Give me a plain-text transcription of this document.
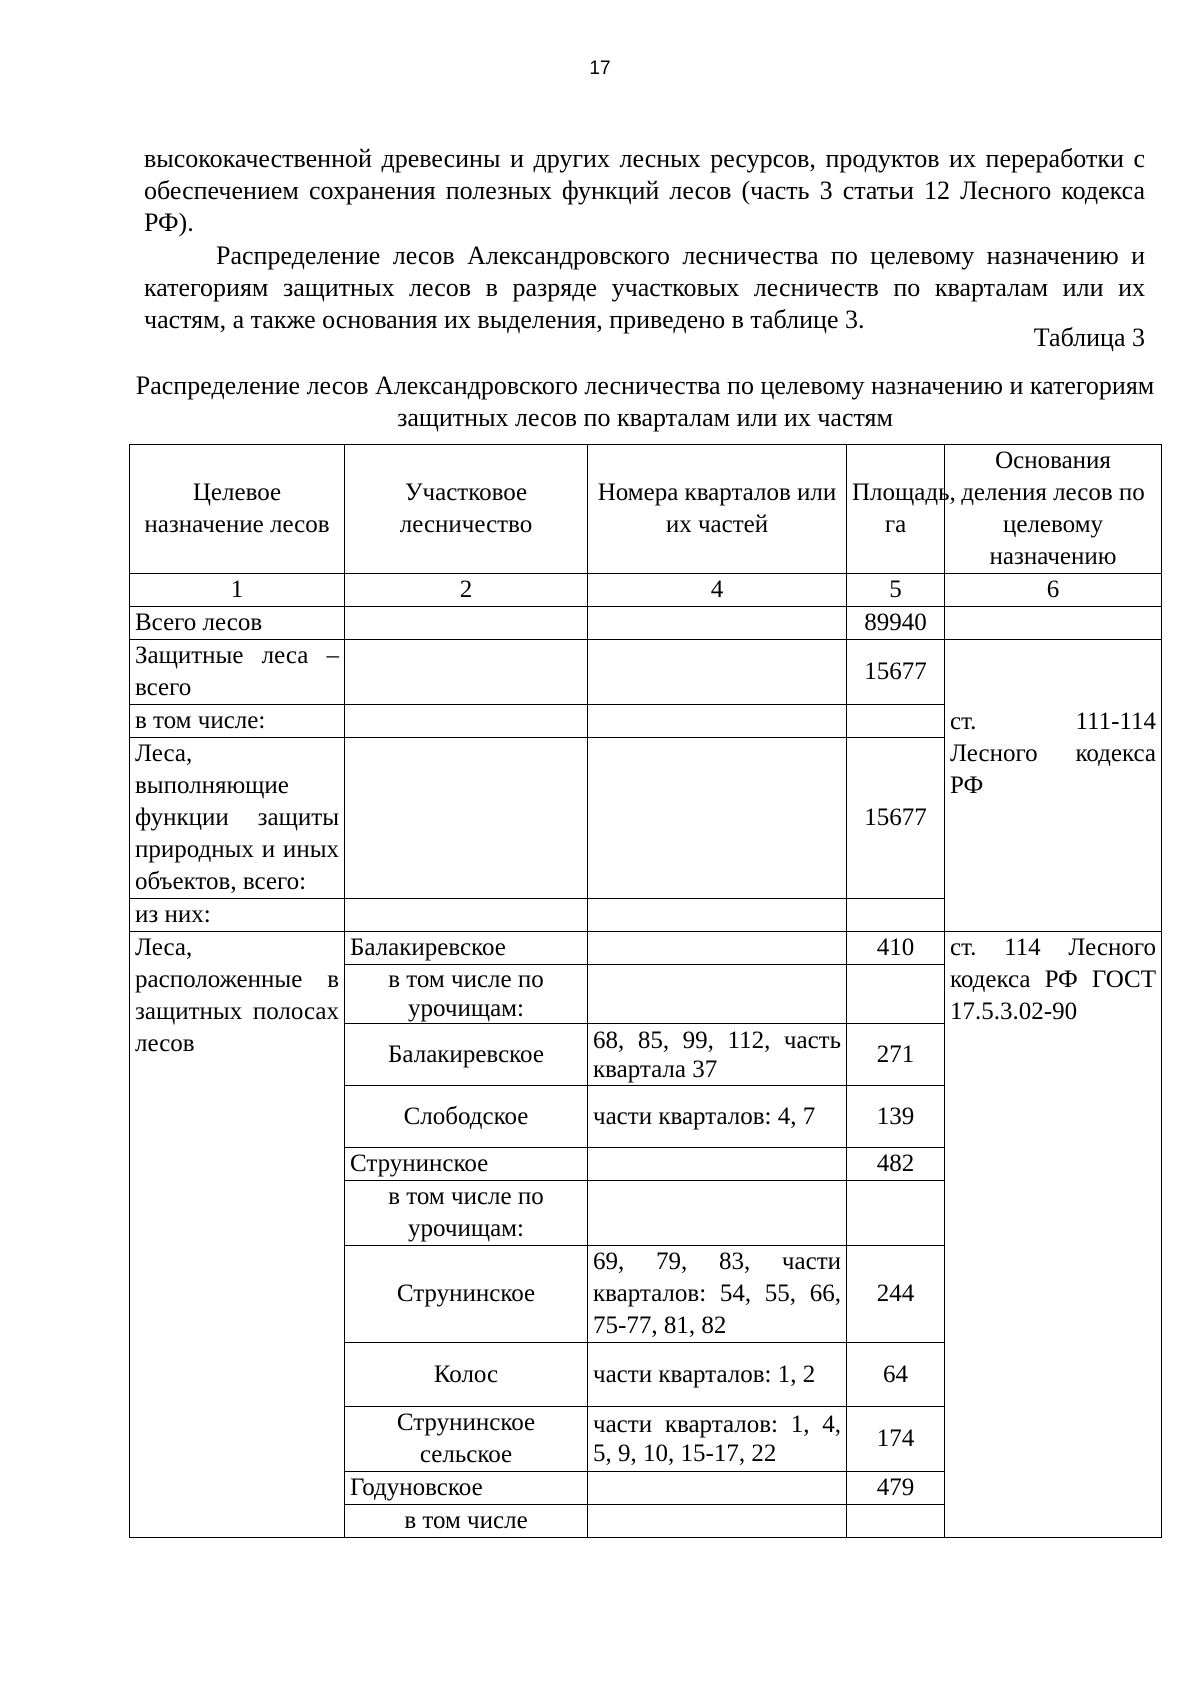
17

высококачественной древесины и других лесных ресурсов, продуктов их переработки с обеспечением сохранения полезных функций лесов (часть 3 статьи 12 Лесного кодекса РФ).

Распределение лесов Александровского лесничества по целевому назначению и категориям защитных лесов в разряде участковых лесничеств по кварталам или их частям, а также основания их выделения, приведено в таблице 3.

Таблица 3
Распределение лесов Александровского лесничества по целевому назначению и категориям защитных лесов по кварталам или их частям
Целевое назначение лесов	Участковое лесничество	Номера кварталов или их частей	Площадь, га	Основания деления лесов по целевому назначению
1	2	4	5	6
Всего лесов			89940	
Защитные леса – всего			15677	ст. 111-114 Лесного кодекса РФ

в том числе:				
Леса, выполняющие функции защиты природных и иных объектов, всего:			15677	
из них:				
Леса, расположенные в защитных полосах лесов	Балакиревское		410	ст. 114 Лесного кодекса РФ ГОСТ 17.5.3.02-90
	в том числе по урочищам:			
	Балакиревское	68, 85, 99, 112, часть квартала 37	271	
	Слободское	части кварталов: 4, 7	139	
	Струнинское		482	
	в том числе по урочищам:			
	Струнинское	69, 79, 83, части кварталов: 54, 55, 66, 75-77, 81, 82	244	
	Колос	части кварталов: 1, 2	64	
	Струнинское сельское	части кварталов: 1, 4, 5, 9, 10, 15-17, 22	174	
	Годуновское		479	
	в том числе			
